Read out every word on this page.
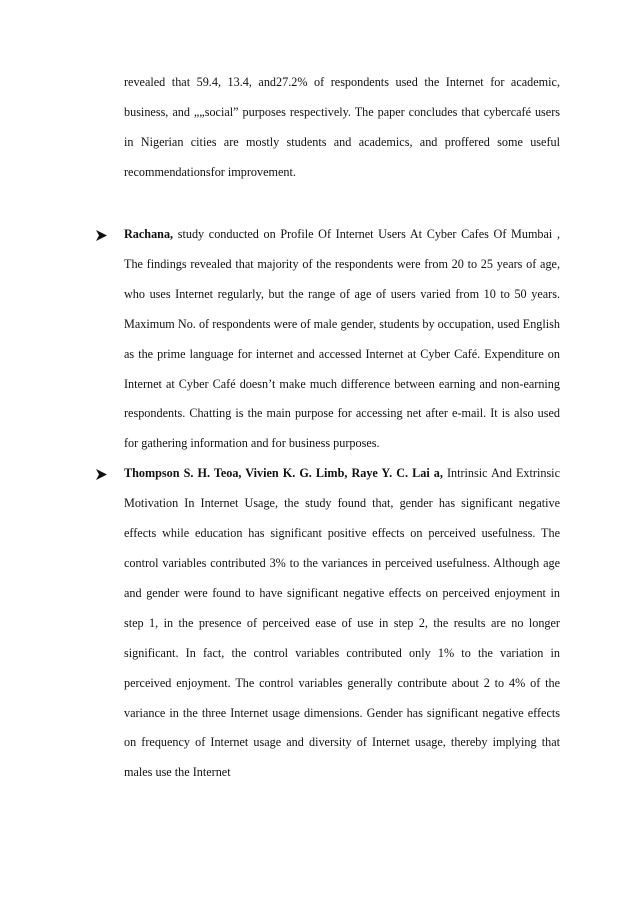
revealed that 59.4, 13.4, and27.2% of respondents used the Internet for academic, business, and „„social” purposes respectively. The paper concludes that cybercafé users in Nigerian cities are mostly students and academics, and proffered some useful recommendationsfor improvement.

Rachana, study conducted on Profile Of Internet Users At Cyber Cafes Of Mumbai , The findings revealed that majority of the respondents were from 20 to 25 years of age, who uses Internet regularly, but the range of age of users varied from 10 to 50 years. Maximum No. of respondents were of male gender, students by occupation, used English as the prime language for internet and accessed Internet at Cyber Café. Expenditure on Internet at Cyber Café doesn’t make much difference between earning and non-earning respondents. Chatting is the main purpose for accessing net after e-mail. It is also used for gathering information and for business purposes.
Thompson S. H. Teoa, Vivien K. G. Limb, Raye Y. C. Lai a, Intrinsic And Extrinsic Motivation In Internet Usage, the study found that, gender has significant negative effects while education has significant positive effects on perceived usefulness. The control variables contributed 3% to the variances in perceived usefulness. Although age and gender were found to have significant negative effects on perceived enjoyment in step 1, in the presence of perceived ease of use in step 2, the results are no longer significant. In fact, the control variables contributed only 1% to the variation in perceived enjoyment. The control variables generally contribute about 2 to 4% of the variance in the three Internet usage dimensions. Gender has significant negative effects on frequency of Internet usage and diversity of Internet usage, thereby implying that males use the Internet
